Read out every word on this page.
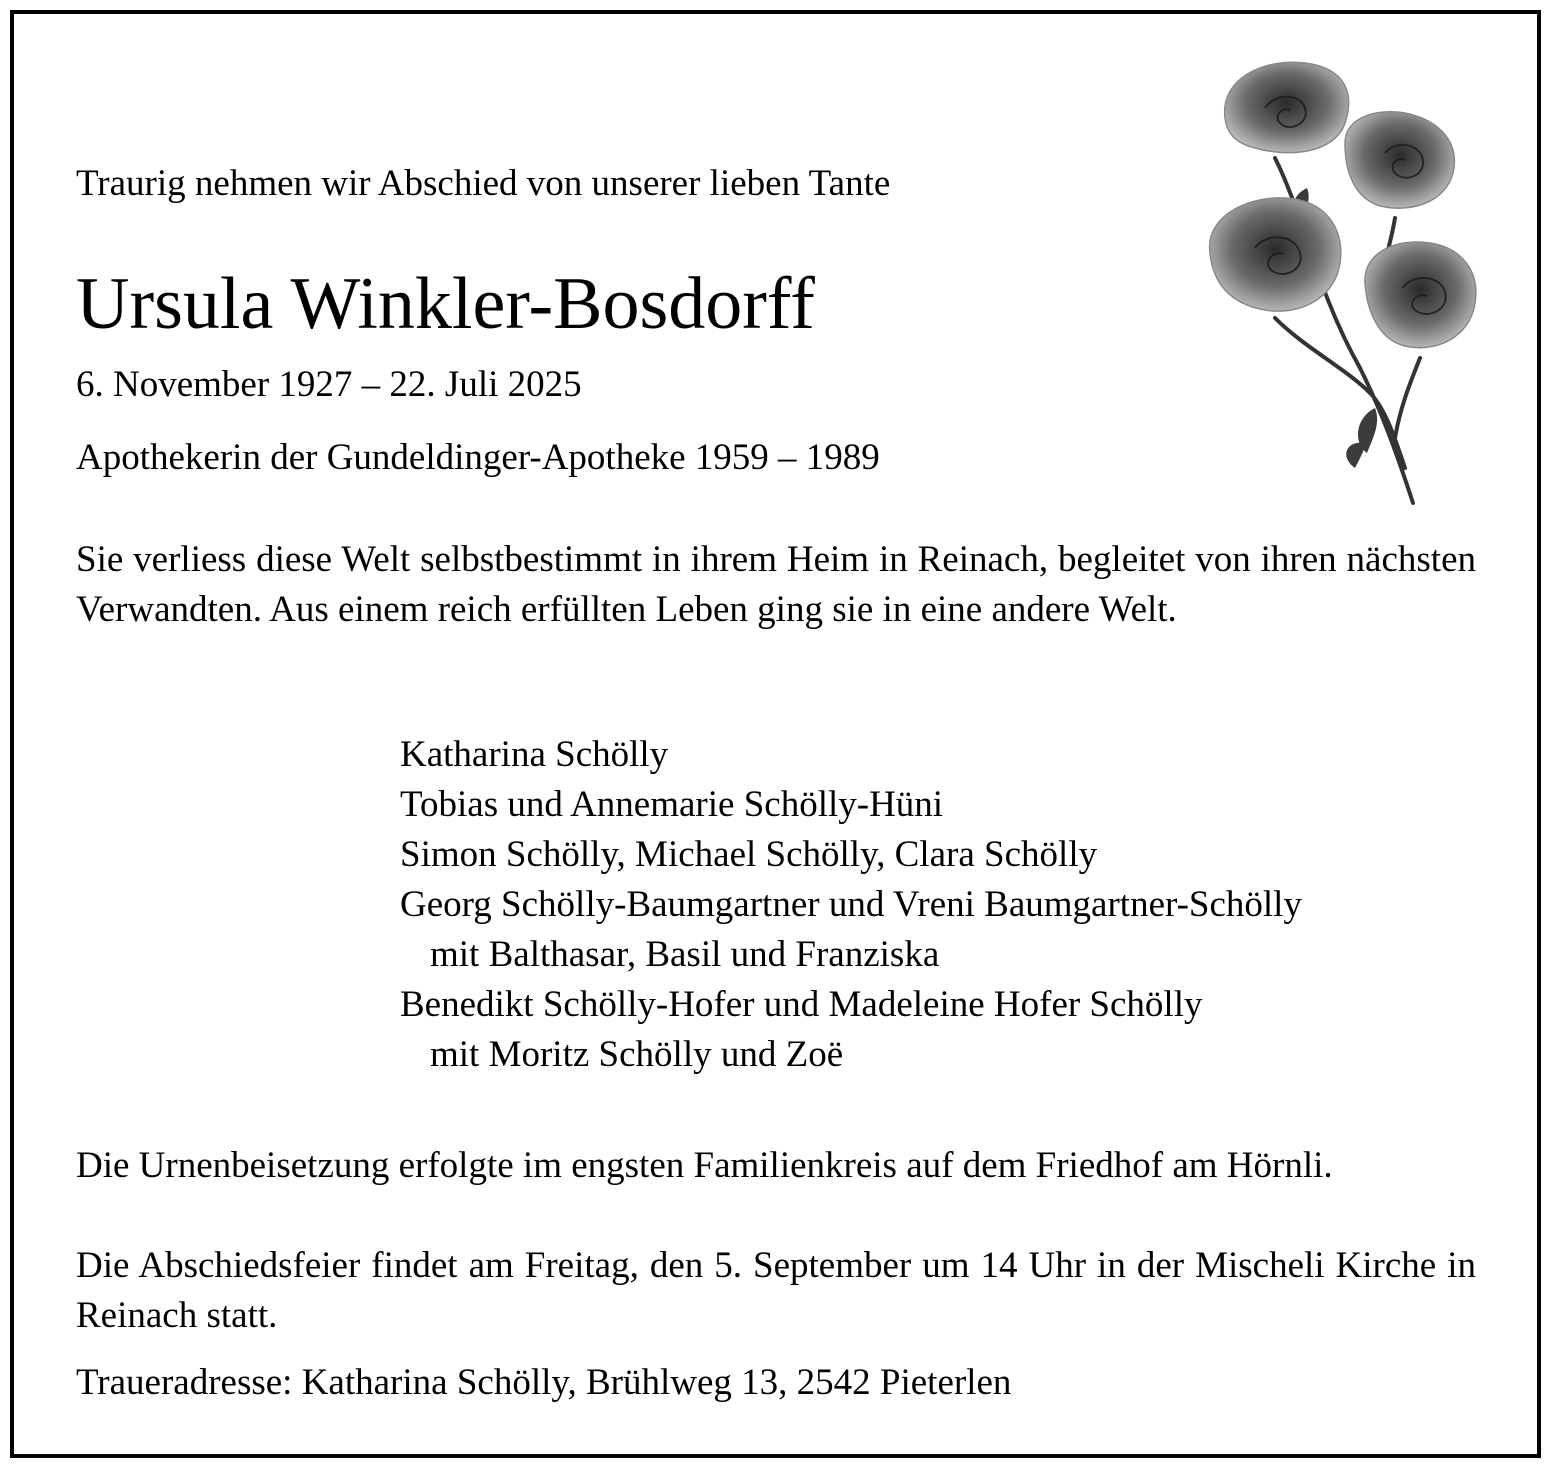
Traurig nehmen wir Abschied von unserer lieben Tante
Ursula Winkler-Bosdorff
6. November 1927 – 22. Juli 2025
Apothekerin der Gundeldinger-Apotheke 1959 – 1989
Sie verliess diese Welt selbstbestimmt in ihrem Heim in Reinach, begleitet von ihren nächsten Verwandten. Aus einem reich erfüllten Leben ging sie in eine andere Welt.
Katharina Schölly
Tobias und Annemarie Schölly-Hüni
Simon Schölly, Michael Schölly, Clara Schölly
Georg Schölly-Baumgartner und Vreni Baumgartner-Schölly
mit Balthasar, Basil und Franziska
Benedikt Schölly-Hofer und Madeleine Hofer Schölly
mit Moritz Schölly und Zoë
Die Urnenbeisetzung erfolgte im engsten Familienkreis auf dem Friedhof am Hörnli.
Die Abschiedsfeier findet am Freitag, den 5. September um 14 Uhr in der Mischeli Kirche in Reinach statt.
Traueradresse: Katharina Schölly, Brühlweg 13, 2542 Pieterlen
